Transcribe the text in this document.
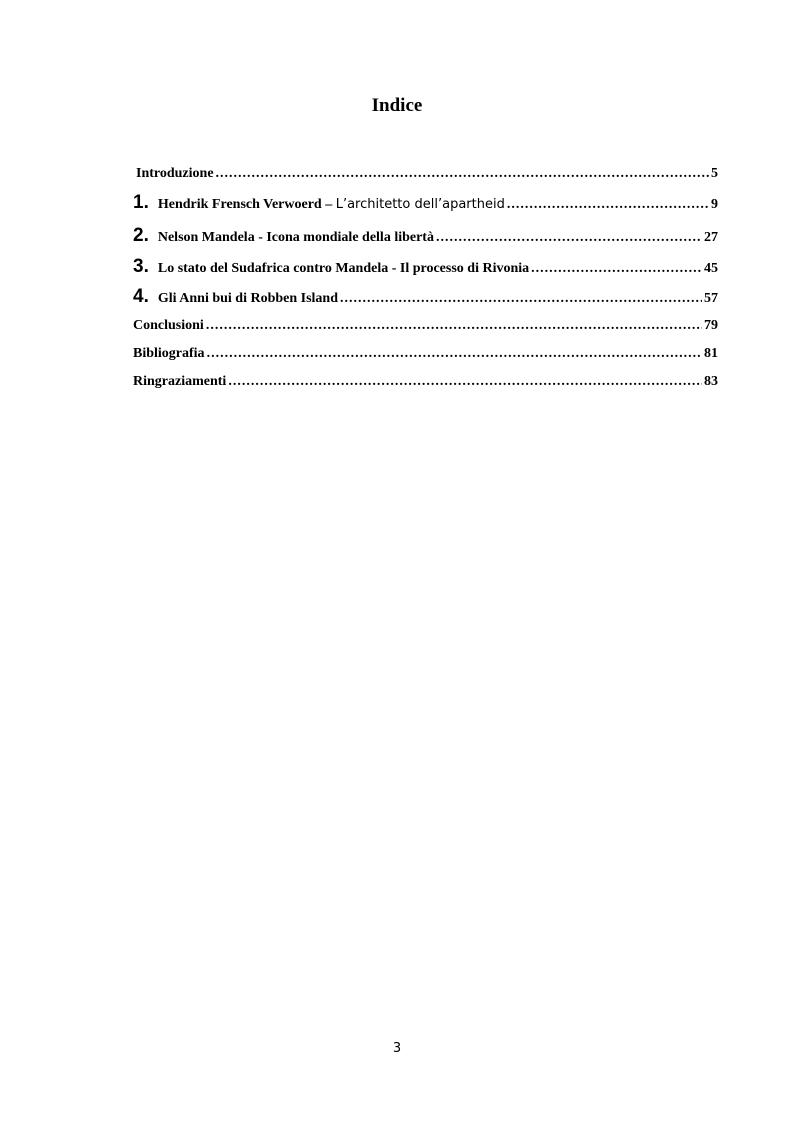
Indice
Introduzione .....	5
1. Hendrik Frensch Verwoerd – L’architetto dell’apartheid .....	9
2. Nelson Mandela - Icona mondiale della libertà .....	27
3. Lo stato del Sudafrica contro Mandela - Il processo di Rivonia .....	45
4. Gli Anni bui di Robben Island .....	57
Conclusioni .....	79
Bibliografia .....	81
Ringraziamenti .....	83
3
